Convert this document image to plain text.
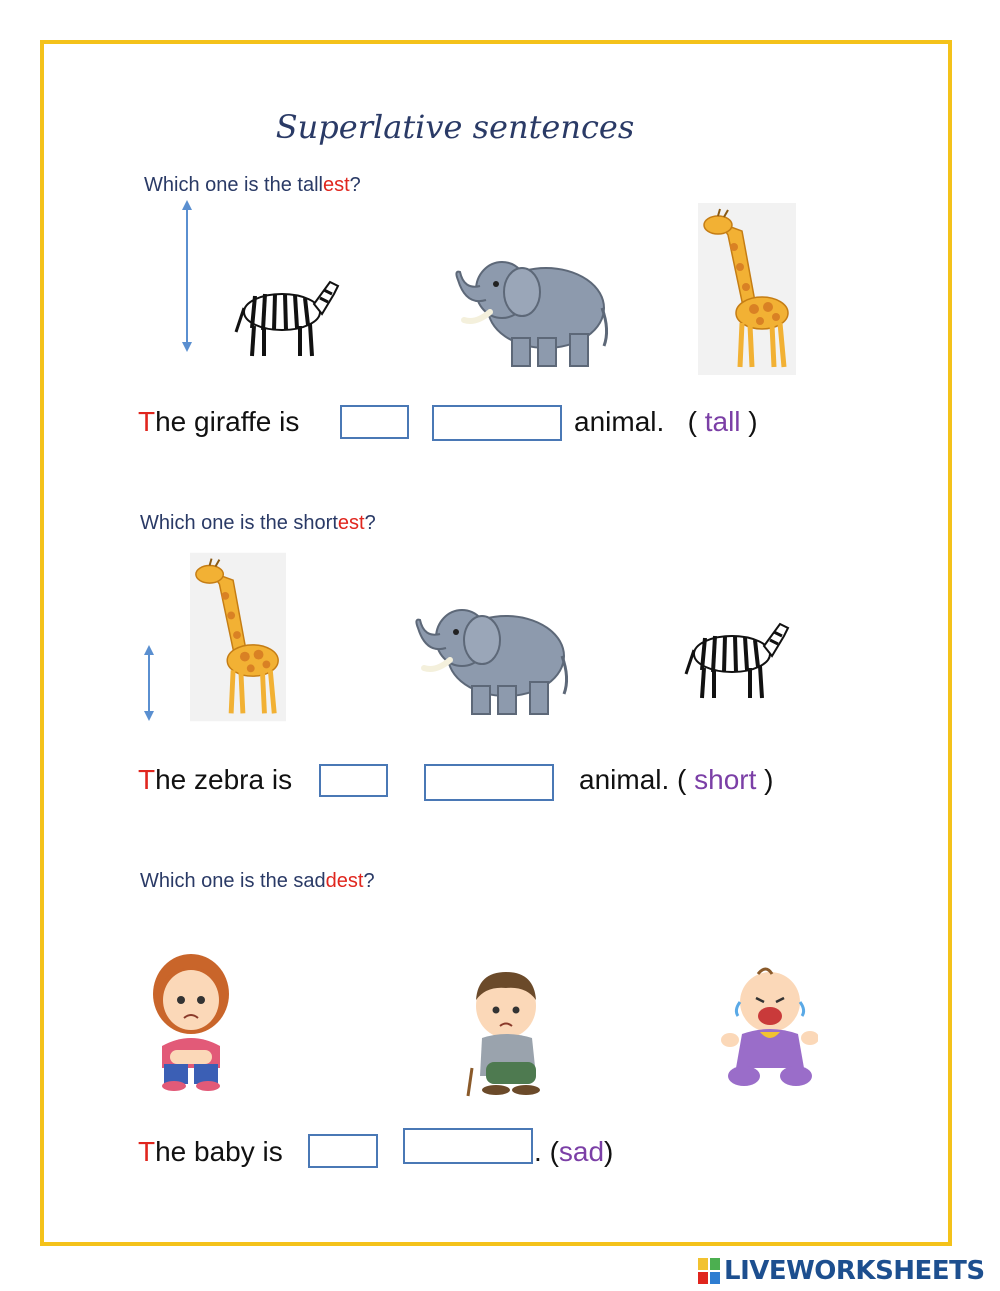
Superlative sentences
Which one is the tallest?
The giraffe is	animal. ( tall )
Which one is the shortest?
The zebra is	animal. ( short )
Which one is the saddest?
The baby is	. (sad)
LIVEWORKSHEETS
